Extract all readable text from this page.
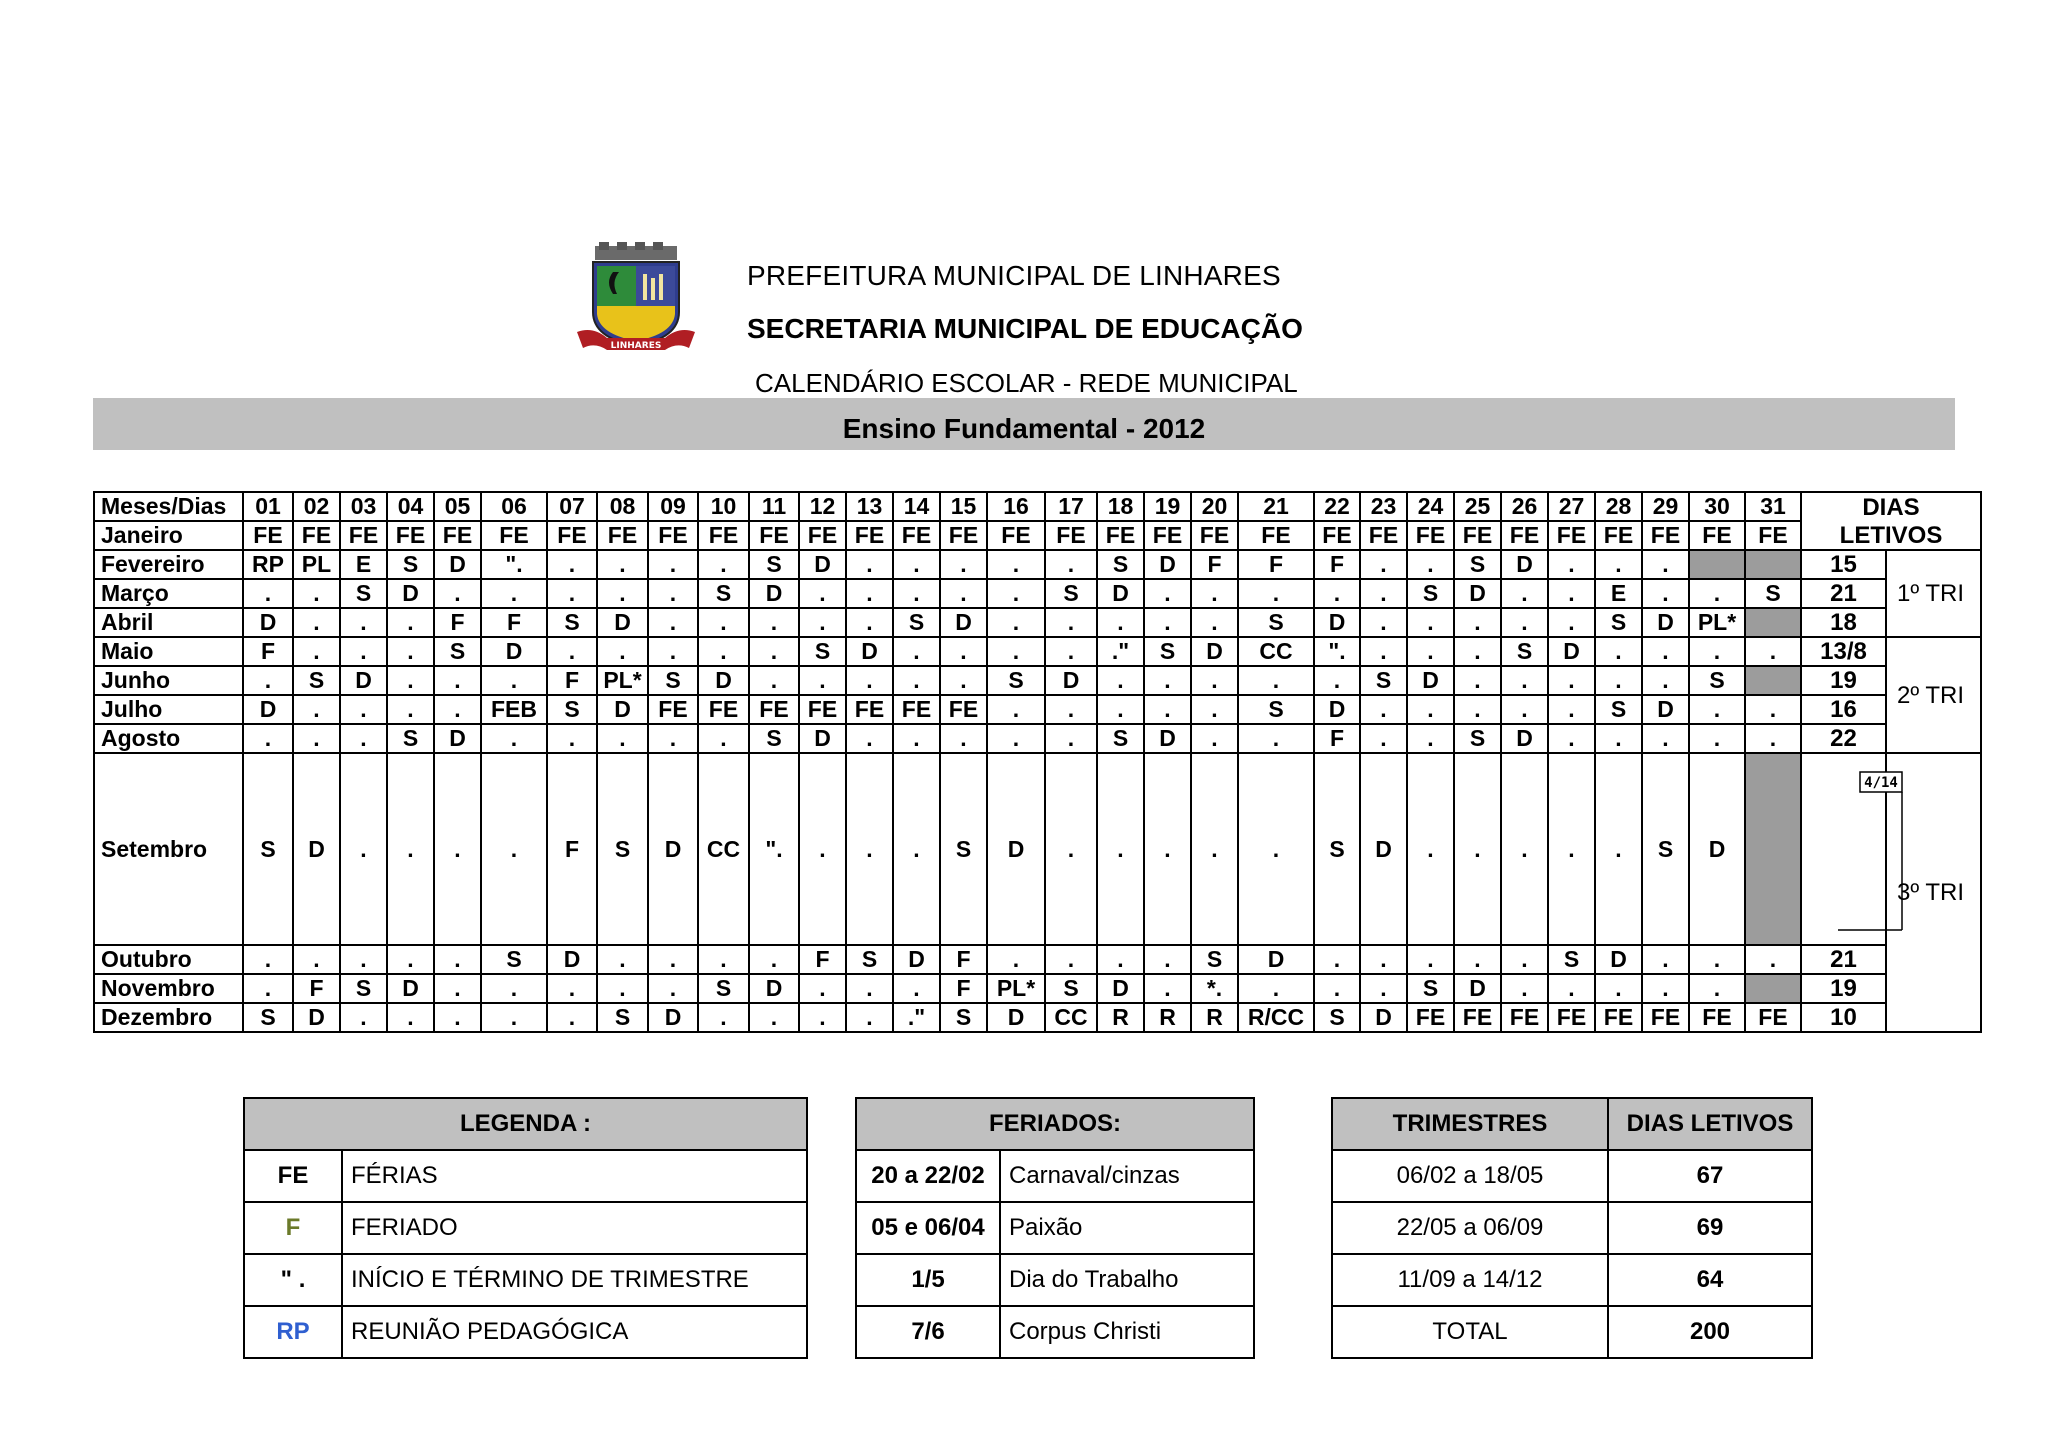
LINHARES
PREFEITURA MUNICIPAL DE LINHARES
SECRETARIA MUNICIPAL DE EDUCAÇÃO
CALENDÁRIO ESCOLAR - REDE MUNICIPAL
Ensino Fundamental - 2012
Meses/Dias	01	02	03	04	05	06	07	08	09	10	11	12	13	14	15	16	17	18	19	20	21	22	23	24	25	26	27	28	29	30	31	DIAS	
Janeiro	FE	FE	FE	FE	FE	FE	FE	FE	FE	FE	FE	FE	FE	FE	FE	FE	FE	FE	FE	FE	FE	FE	FE	FE	FE	FE	FE	FE	FE	FE	FE	LETIVOS	
Fevereiro	RP	PL	E	S	D	".	.	.	.	.	S	D	.	.	.	.	.	S	D	F	F	F	.	.	S	D	.	.	.			15	1º TRI
Março	.	.	S	D	.	.	.	.	.	S	D	.	.	.	.	.	S	D	.	.	.	.	.	S	D	.	.	E	.	.	S	21	
Abril	D	.	.	.	F	F	S	D	.	.	.	.	.	S	D	.	.	.	.	.	S	D	.	.	.	.	.	S	D	PL*		18	
Maio	F	.	.	.	S	D	.	.	.	.	.	S	D	.	.	.	.	."	S	D	CC	".	.	.	.	S	D	.	.	.	.	13/8	2º TRI
Junho	.	S	D	.	.	.	F	PL*	S	D	.	.	.	.	.	S	D	.	.	.	.	.	S	D	.	.	.	.	.	S		19	
Julho	D	.	.	.	.	FEB	S	D	FE	FE	FE	FE	FE	FE	FE	.	.	.	.	.	S	D	.	.	.	.	.	S	D	.	.	16	
Agosto	.	.	.	S	D	.	.	.	.	.	S	D	.	.	.	.	.	S	D	.	.	F	.	.	S	D	.	.	.	.	.	22	
Setembro	S	D	.	.	.	.	F	S	D	CC	".	.	.	.	S	D	.	.	.	.	.	S	D	.	.	.	.	.	S	D			3º TRI
Outubro	.	.	.	.	.	S	D	.	.	.	.	F	S	D	F	.	.	.	.	S	D	.	.	.	.	.	S	D	.	.	.	21	
Novembro	.	F	S	D	.	.	.	.	.	S	D	.	.	.	F	PL*	S	D	.	*.	.	.	.	S	D	.	.	.	.	.		19	
Dezembro	S	D	.	.	.	.	.	S	D	.	.	.	.	."	S	D	CC	R	R	R	R/CC	S	D	FE	FE	FE	FE	FE	FE	FE	FE	10	
4/14
LEGENDA :	
FE	FÉRIAS
F	FERIADO
" .	INÍCIO E TÉRMINO DE TRIMESTRE
RP	REUNIÃO PEDAGÓGICA
FERIADOS:	
20 a 22/02	Carnaval/cinzas
05 e 06/04	Paixão
1/5	Dia do Trabalho
7/6	Corpus Christi
TRIMESTRES	DIAS LETIVOS
06/02 a 18/05	67
22/05 a 06/09	69
11/09 a 14/12	64
TOTAL	200
